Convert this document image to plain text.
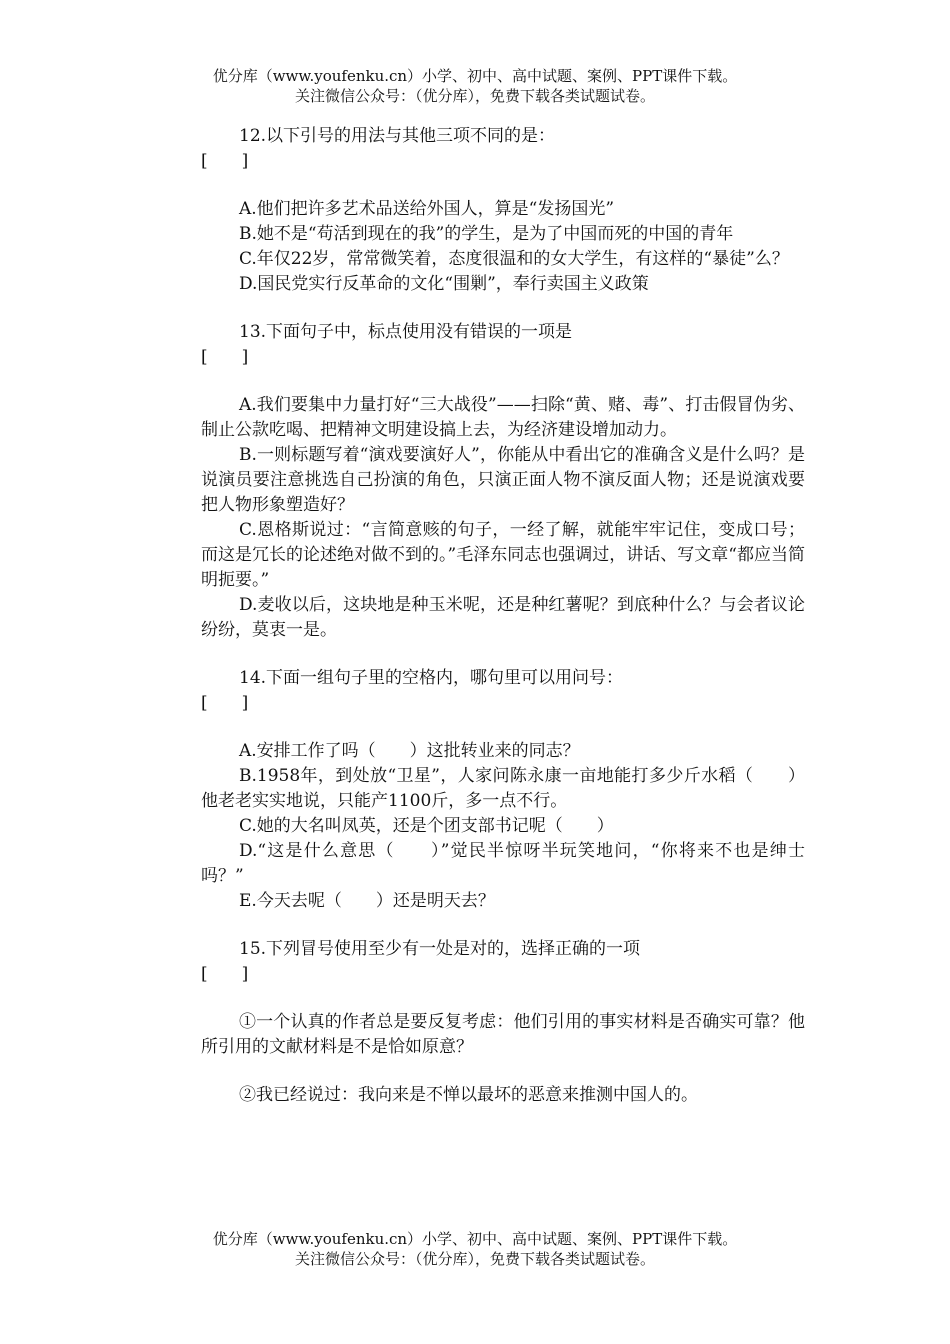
优分库（www.youfenku.cn）小学、初中、高中试题、案例、PPT课件下载。
关注微信公众号：（优分库），免费下载各类试题试卷。

12.以下引号的用法与其他三项不同的是：

[　　]

A.他们把许多艺术品送给外国人，算是“发扬国光”

B.她不是“苟活到现在的我”的学生，是为了中国而死的中国的青年

C.年仅22岁，常常微笑着，态度很温和的女大学生，有这样的“暴徒”么？

D.国民党实行反革命的文化“围剿”，奉行卖国主义政策

13.下面句子中，标点使用没有错误的一项是

[　　]

A.我们要集中力量打好“三大战役”——扫除“黄、赌、毒”、打击假冒伪劣、制止公款吃喝、把精神文明建设搞上去，为经济建设增加动力。

B.一则标题写着“演戏要演好人”，你能从中看出它的准确含义是什么吗？是说演员要注意挑选自己扮演的角色，只演正面人物不演反面人物；还是说演戏要把人物形象塑造好？

C.恩格斯说过：“言简意赅的句子，一经了解，就能牢牢记住，变成口号；而这是冗长的论述绝对做不到的。”毛泽东同志也强调过，讲话、写文章“都应当简明扼要。”

D.麦收以后，这块地是种玉米呢，还是种红薯呢？到底种什么？与会者议论纷纷，莫衷一是。

14.下面一组句子里的空格内，哪句里可以用问号：

[　　]

A.安排工作了吗（　　）这批转业来的同志？

B.1958年，到处放“卫星”，人家问陈永康一亩地能打多少斤水稻（　　）他老老实实地说，只能产1100斤，多一点不行。

C.她的大名叫凤英，还是个团支部书记呢（　　）

D.“这是什么意思（　　）”觉民半惊呀半玩笑地问，“你将来不也是绅士吗？”

E.今天去呢（　　）还是明天去？

15.下列冒号使用至少有一处是对的，选择正确的一项

[　　]

①一个认真的作者总是要反复考虑：他们引用的事实材料是否确实可靠？他所引用的文献材料是不是恰如原意？

②我已经说过：我向来是不惮以最坏的恶意来推测中国人的。

优分库（www.youfenku.cn）小学、初中、高中试题、案例、PPT课件下载。
关注微信公众号：（优分库），免费下载各类试题试卷。
